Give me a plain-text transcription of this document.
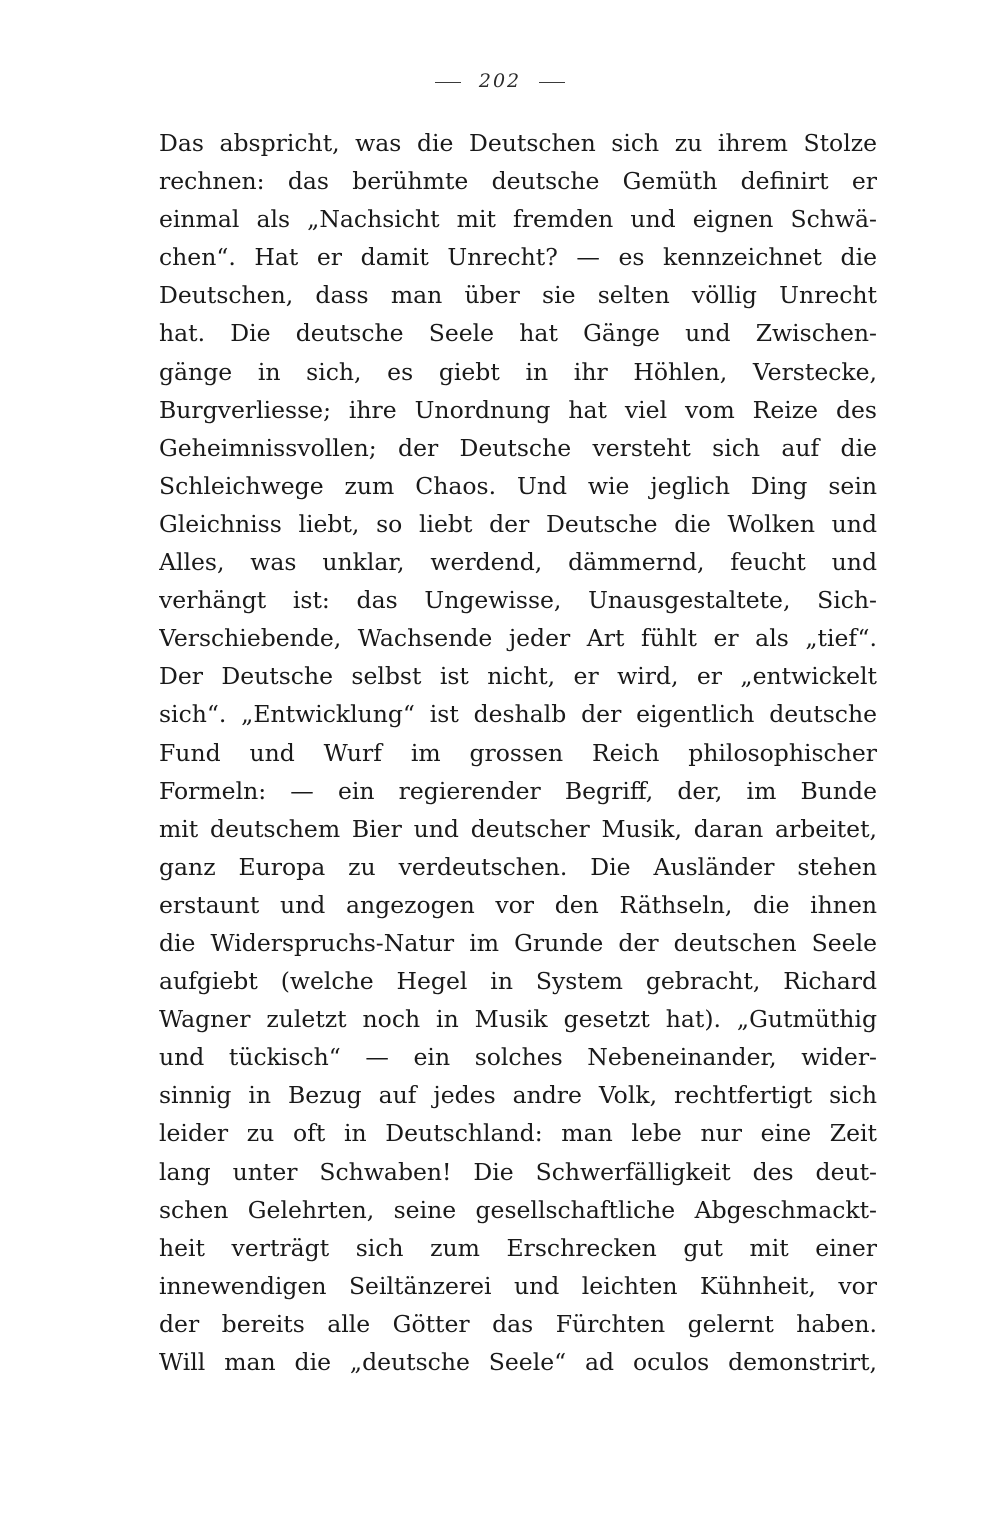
202
Das abspricht, was die Deutschen sich zu ihrem Stolze
rechnen: das berühmte deutsche Gemüth definirt er
einmal als „Nachsicht mit fremden und eignen Schwä-
chen“. Hat er damit Unrecht? — es kennzeichnet die
Deutschen, dass man über sie selten völlig Unrecht
hat. Die deutsche Seele hat Gänge und Zwischen-
gänge in sich, es giebt in ihr Höhlen, Verstecke,
Burgverliesse; ihre Unordnung hat viel vom Reize des
Geheimnissvollen; der Deutsche versteht sich auf die
Schleichwege zum Chaos. Und wie jeglich Ding sein
Gleichniss liebt, so liebt der Deutsche die Wolken und
Alles, was unklar, werdend, dämmernd, feucht und
verhängt ist: das Ungewisse, Unausgestaltete, Sich-
Verschiebende, Wachsende jeder Art fühlt er als „tief“.
Der Deutsche selbst ist nicht, er wird, er „entwickelt
sich“. „Entwicklung“ ist deshalb der eigentlich deutsche
Fund und Wurf im grossen Reich philosophischer
Formeln: — ein regierender Begriff, der, im Bunde
mit deutschem Bier und deutscher Musik, daran arbeitet,
ganz Europa zu verdeutschen. Die Ausländer stehen
erstaunt und angezogen vor den Räthseln, die ihnen
die Widerspruchs-Natur im Grunde der deutschen Seele
aufgiebt (welche Hegel in System gebracht, Richard
Wagner zuletzt noch in Musik gesetzt hat). „Gutmüthig
und tückisch“ — ein solches Nebeneinander, wider-
sinnig in Bezug auf jedes andre Volk, rechtfertigt sich
leider zu oft in Deutschland: man lebe nur eine Zeit
lang unter Schwaben! Die Schwerfälligkeit des deut-
schen Gelehrten, seine gesellschaftliche Abgeschmackt-
heit verträgt sich zum Erschrecken gut mit einer
innewendigen Seiltänzerei und leichten Kühnheit, vor
der bereits alle Götter das Fürchten gelernt haben.
Will man die „deutsche Seele“ ad oculos demonstrirt,
